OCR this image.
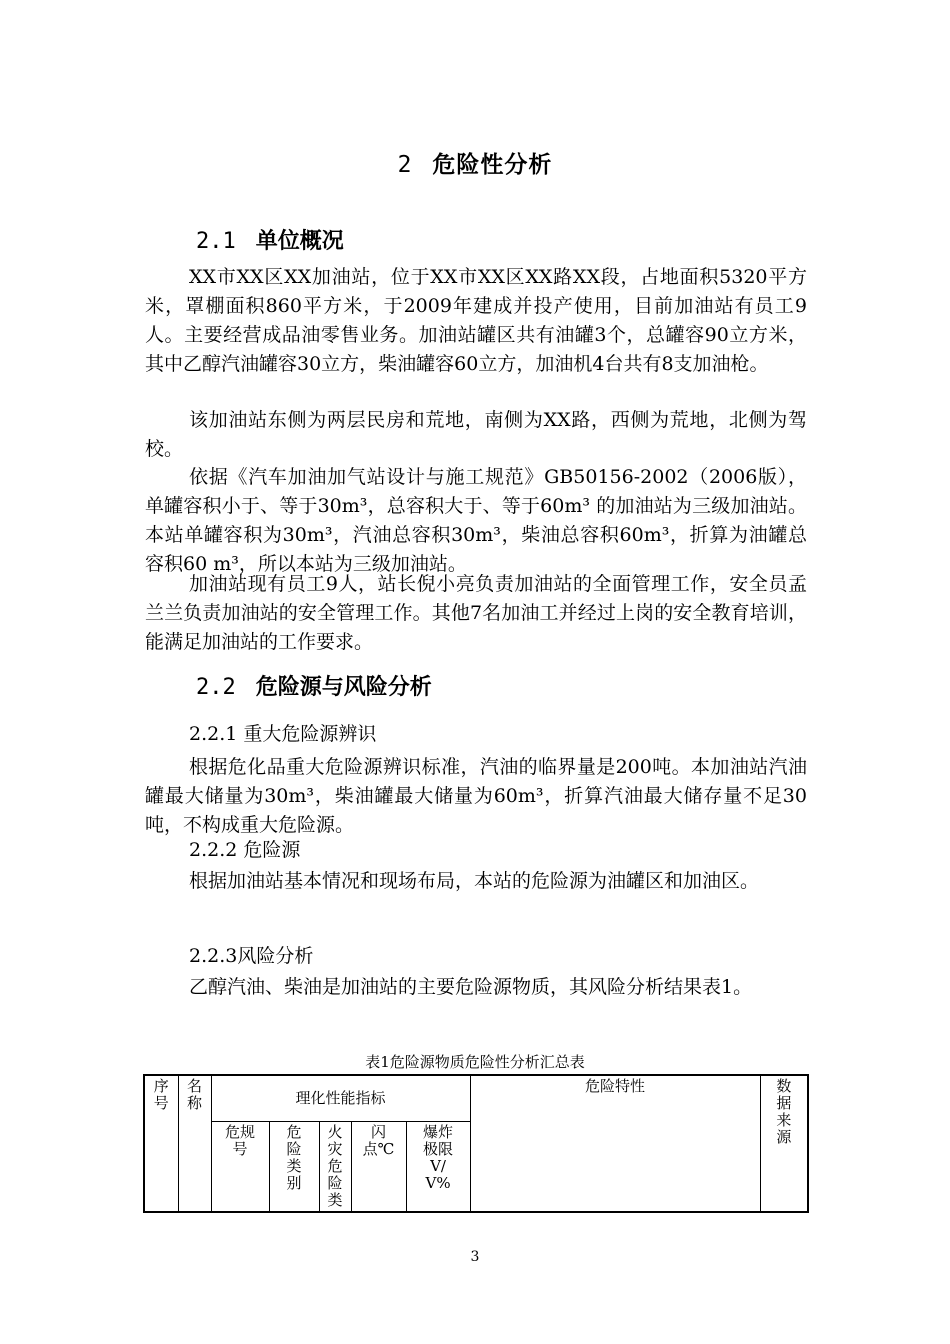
2 危险性分析
2.1 单位概况

XX市XX区XX加油站，位于XX市XX区XX路XX段，占地面积5320平方米，罩棚面积860平方米，于2009年建成并投产使用，目前加油站有员工9人。主要经营成品油零售业务。加油站罐区共有油罐3个，总罐容90立方米，其中乙醇汽油罐容30立方，柴油罐容60立方，加油机4台共有8支加油枪。

该加油站东侧为两层民房和荒地，南侧为XX路，西侧为荒地，北侧为驾校。

依据《汽车加油加气站设计与施工规范》GB50156-2002（2006版），单罐容积小于、等于30m³，总容积大于、等于60m³ 的加油站为三级加油站。本站单罐容积为30m³，汽油总容积30m³，柴油总容积60m³，折算为油罐总容积60 m³，所以本站为三级加油站。

加油站现有员工9人，站长倪小亮负责加油站的全面管理工作，安全员孟兰兰负责加油站的安全管理工作。其他7名加油工并经过上岗的安全教育培训，能满足加油站的工作要求。

2.2 危险源与风险分析
2.2.1 重大危险源辨识

根据危化品重大危险源辨识标准，汽油的临界量是200吨。本加油站汽油罐最大储量为30m³，柴油罐最大储量为60m³，折算汽油最大储存量不足30吨，不构成重大危险源。

2.2.2 危险源

根据加油站基本情况和现场布局，本站的危险源为油罐区和加油区。

2.2.3风险分析

乙醇汽油、柴油是加油站的主要危险源物质，其风险分析结果表1。

表1危险源物质危险性分析汇总表
序号	名称	理化性能指标					危险特性	数据来源

		危规号	危险类别	火灾危险类	闪点℃	爆炸极限V/V%		
3
